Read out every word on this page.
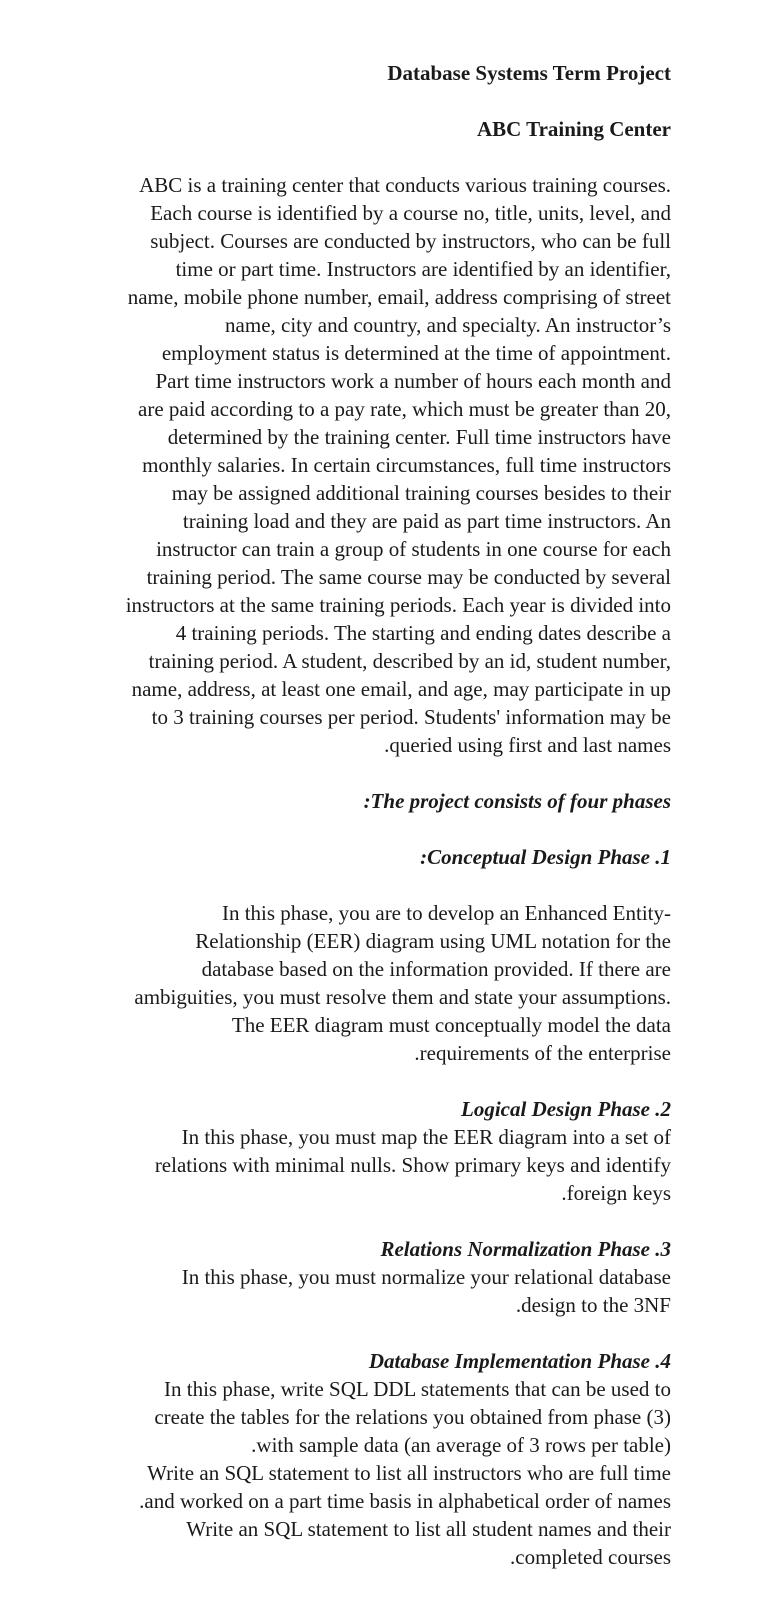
Database Systems Term Project
ABC Training Center
ABC is a training center that conducts various training courses.
Each course is identified by a course no, title, units, level, and
subject. Courses are conducted by instructors, who can be full
time or part time. Instructors are identified by an identifier,
name, mobile phone number, email, address comprising of street
name, city and country, and specialty. An instructor’s
employment status is determined at the time of appointment.
Part time instructors work a number of hours each month and
are paid according to a pay rate, which must be greater than 20,
determined by the training center. Full time instructors have
monthly salaries. In certain circumstances, full time instructors
may be assigned additional training courses besides to their
training load and they are paid as part time instructors. An
instructor can train a group of students in one course for each
training period. The same course may be conducted by several
instructors at the same training periods. Each year is divided into
4 training periods. The starting and ending dates describe a
training period. A student, described by an id, student number,
name, address, at least one email, and age, may participate in up
to 3 training courses per period. Students' information may be
.queried using first and last names
:The project consists of four phases
:Conceptual Design Phase .1
In this phase, you are to develop an Enhanced Entity-
Relationship (EER) diagram using UML notation for the
database based on the information provided. If there are
ambiguities, you must resolve them and state your assumptions.
The EER diagram must conceptually model the data
.requirements of the enterprise
Logical Design Phase .2
In this phase, you must map the EER diagram into a set of
relations with minimal nulls. Show primary keys and identify
.foreign keys
Relations Normalization Phase .3
In this phase, you must normalize your relational database
.design to the 3NF
Database Implementation Phase .4
In this phase, write SQL DDL statements that can be used to
create the tables for the relations you obtained from phase (3)
.with sample data (an average of 3 rows per table)
Write an SQL statement to list all instructors who are full time
.and worked on a part time basis in alphabetical order of names
Write an SQL statement to list all student names and their
.completed courses
